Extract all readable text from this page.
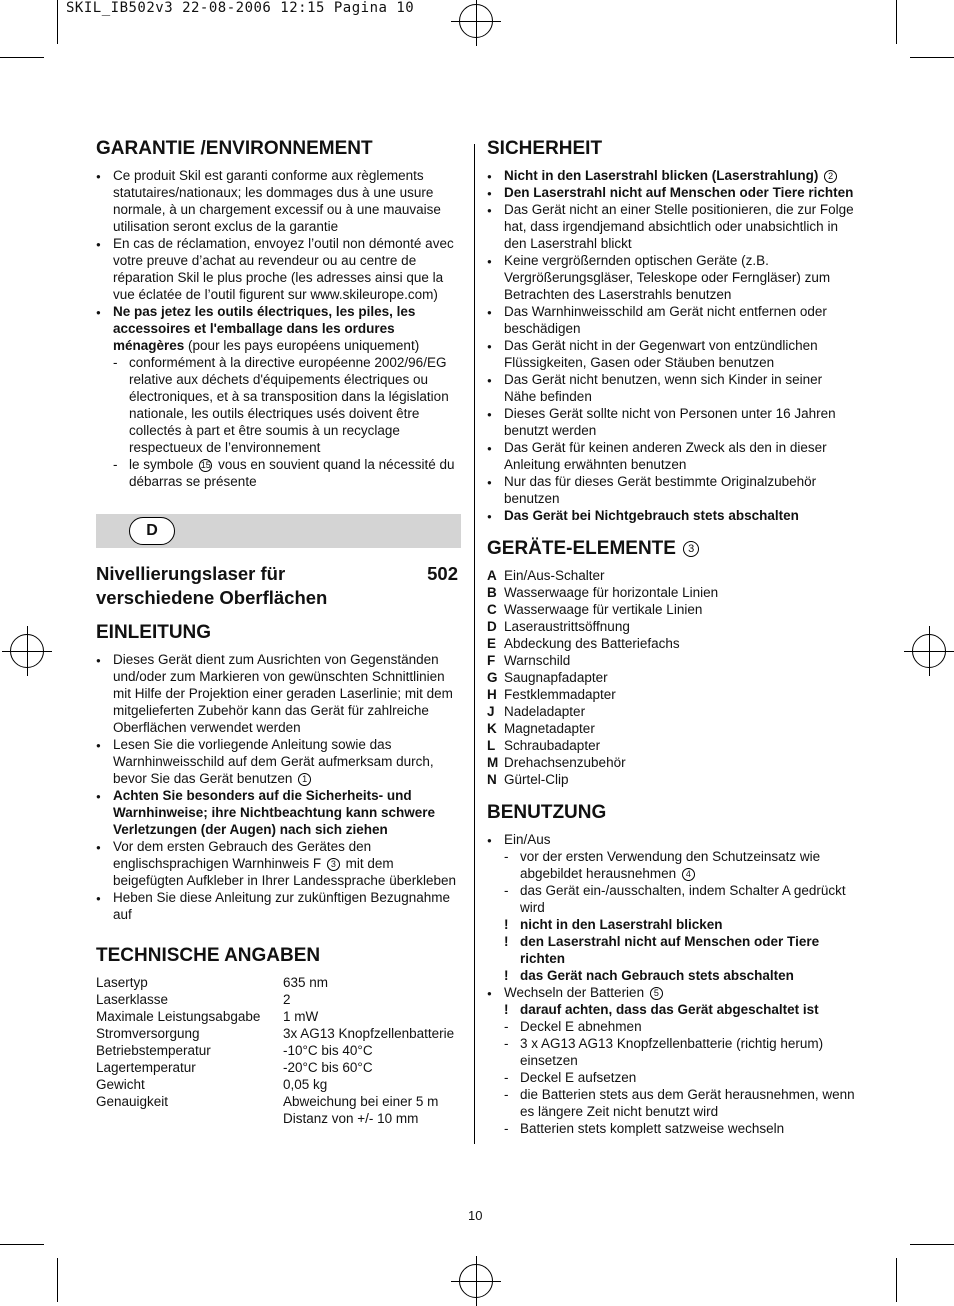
SKIL_IB502v3 22-08-2006 12:15 Pagina 10
GARANTIE /ENVIRONNEMENT
● Ce produit Skil est garanti conforme aux règlements statutaires/nationaux; les dommages dus à une usure normale, à un chargement excessif ou à une mauvaise utilisation seront exclus de la garantie
● En cas de réclamation, envoyez l’outil non démonté avec votre preuve d’achat au revendeur ou au centre de réparation Skil le plus proche (les adresses ainsi que la vue éclatée de l’outil figurent sur www.skileurope.com)
● Ne pas jetez les outils électriques, les piles, les accessoires et l'emballage dans les ordures ménagères (pour les pays européens uniquement)
- conformément à la directive européenne 2002/96/EG relative aux déchets d'équipements électriques ou électroniques, et à sa transposition dans la législation nationale, les outils électriques usés doivent être collectés à part et être soumis à un recyclage respectueux de l’environnement
- le symbole 15 vous en souvient quand la nécessité du débarras se présente
D
Nivellierungslaser für
verschiedene Oberflächen
502
EINLEITUNG
● Dieses Gerät dient zum Ausrichten von Gegenständen und/oder zum Markieren von gewünschten Schnittlinien mit Hilfe der Projektion einer geraden Laserlinie; mit dem mitgelieferten Zubehör kann das Gerät für zahlreiche Oberflächen verwendet werden
● Lesen Sie die vorliegende Anleitung sowie das Warnhinweisschild auf dem Gerät aufmerksam durch, bevor Sie das Gerät benutzen 1
● Achten Sie besonders auf die Sicherheits- und Warnhinweise; ihre Nichtbeachtung kann schwere Verletzungen (der Augen) nach sich ziehen
● Vor dem ersten Gebrauch des Gerätes den englischsprachigen Warnhinweis F 3 mit dem beigefügten Aufkleber in Ihrer Landessprache überkleben
● Heben Sie diese Anleitung zur zukünftigen Bezugnahme auf
TECHNISCHE ANGABEN
Lasertyp	635 nm
Laserklasse	2
Maximale Leistungsabgabe	1 mW
Stromversorgung	3x AG13 Knopfzellenbatterie
Betriebstemperatur	-10°C bis 40°C
Lagertemperatur	-20°C bis 60°C
Gewicht	0,05 kg
Genauigkeit	Abweichung bei einer 5 m Distanz von +/- 10 mm
SICHERHEIT
● Nicht in den Laserstrahl blicken (Laserstrahlung) 2
● Den Laserstrahl nicht auf Menschen oder Tiere richten
● Das Gerät nicht an einer Stelle positionieren, die zur Folge hat, dass irgendjemand absichtlich oder unabsichtlich in den Laserstrahl blickt
● Keine vergrößernden optischen Geräte (z.B. Vergrößerungsgläser, Teleskope oder Ferngläser) zum Betrachten des Laserstrahls benutzen
● Das Warnhinweisschild am Gerät nicht entfernen oder beschädigen
● Das Gerät nicht in der Gegenwart von entzündlichen Flüssigkeiten, Gasen oder Stäuben benutzen
● Das Gerät nicht benutzen, wenn sich Kinder in seiner Nähe befinden
● Dieses Gerät sollte nicht von Personen unter 16 Jahren benutzt werden
● Das Gerät für keinen anderen Zweck als den in dieser Anleitung erwähnten benutzen
● Nur das für dieses Gerät bestimmte Originalzubehör benutzen
● Das Gerät bei Nichtgebrauch stets abschalten
GERÄTE-ELEMENTE 3
A Ein/Aus-Schalter
B Wasserwaage für horizontale Linien
C Wasserwaage für vertikale Linien
D Laseraustrittsöffnung
E Abdeckung des Batteriefachs
F Warnschild
G Saugnapfadapter
H Festklemmadapter
J Nadeladapter
K Magnetadapter
L Schraubadapter
M Drehachsenzubehör
N Gürtel-Clip
BENUTZUNG
● Ein/Aus
- vor der ersten Verwendung den Schutzeinsatz wie abgebildet herausnehmen 4
- das Gerät ein-/ausschalten, indem Schalter A gedrückt wird
! nicht in den Laserstrahl blicken
! den Laserstrahl nicht auf Menschen oder Tiere richten
! das Gerät nach Gebrauch stets abschalten
● Wechseln der Batterien 5
! darauf achten, dass das Gerät abgeschaltet ist
- Deckel E abnehmen
- 3 x AG13 AG13 Knopfzellenbatterie (richtig herum) einsetzen
- Deckel E aufsetzen
- die Batterien stets aus dem Gerät herausnehmen, wenn es längere Zeit nicht benutzt wird
- Batterien stets komplett satzweise wechseln
10
